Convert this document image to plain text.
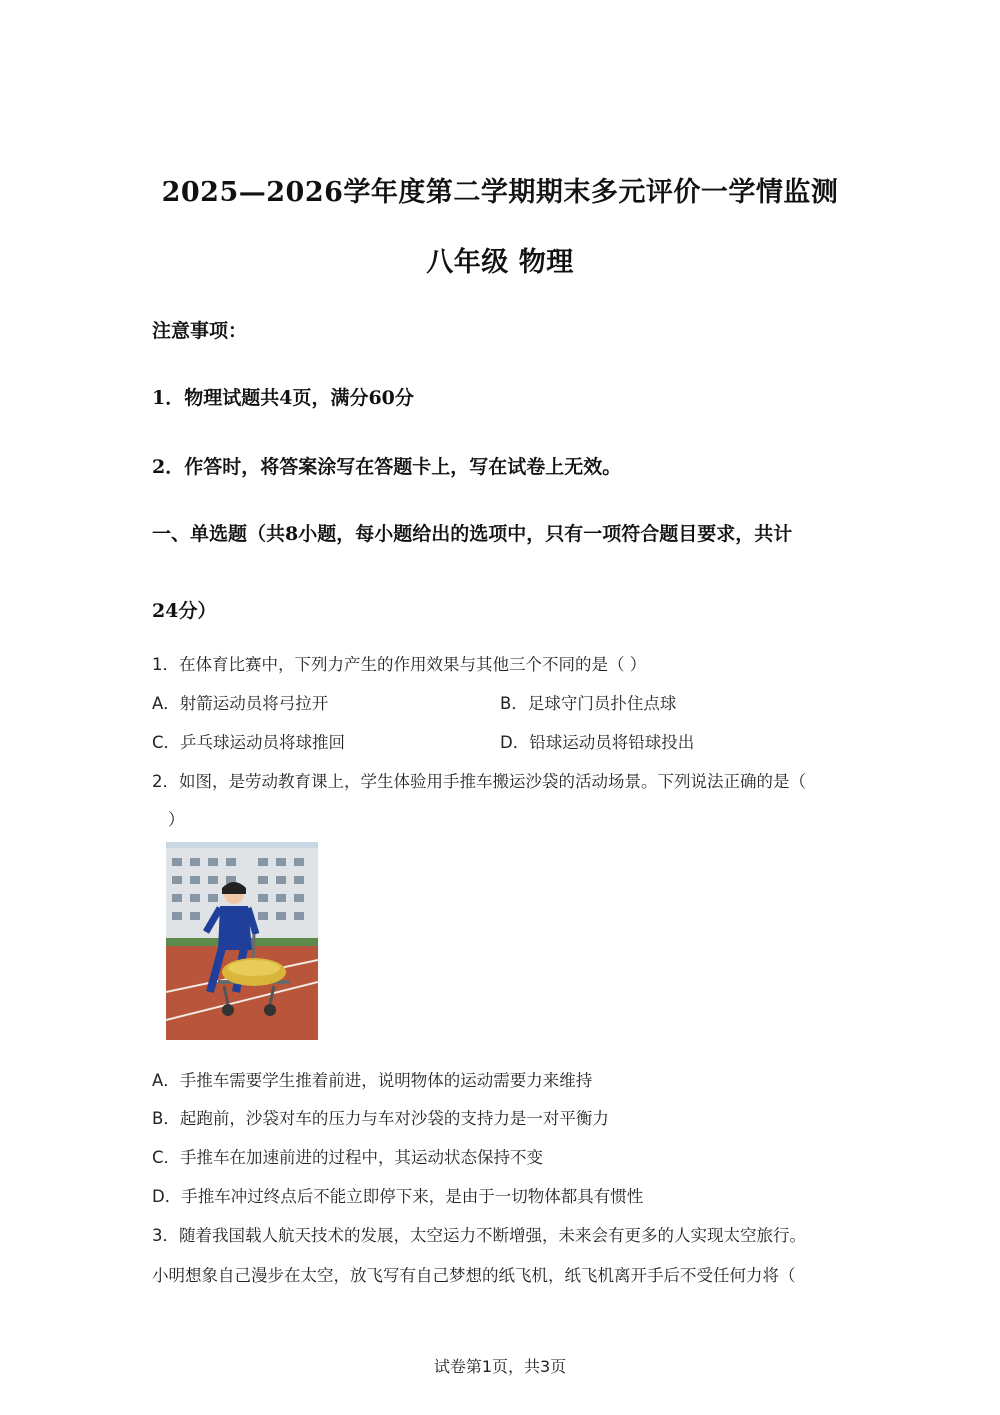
2025—2026学年度第二学期期末多元评价一学情监测
八年级 物理
注意事项：
1．物理试题共4页，满分60分
2．作答时，将答案涂写在答题卡上，写在试卷上无效。
一、单选题（共8小题，每小题给出的选项中，只有一项符合题目要求，共计
24分）
1．在体育比赛中，下列力产生的作用效果与其他三个不同的是（ ）
A．射箭运动员将弓拉开	B．足球守门员扑住点球
C．乒乓球运动员将球推回	D．铅球运动员将铅球投出
2．如图，是劳动教育课上，学生体验用手推车搬运沙袋的活动场景。下列说法正确的是（
）
A．手推车需要学生推着前进，说明物体的运动需要力来维持
B．起跑前，沙袋对车的压力与车对沙袋的支持力是一对平衡力
C．手推车在加速前进的过程中，其运动状态保持不变
D．手推车冲过终点后不能立即停下来，是由于一切物体都具有惯性
3．随着我国载人航天技术的发展，太空运力不断增强，未来会有更多的人实现太空旅行。
小明想象自己漫步在太空，放飞写有自己梦想的纸飞机，纸飞机离开手后不受任何力将（
试卷第1页，共3页
